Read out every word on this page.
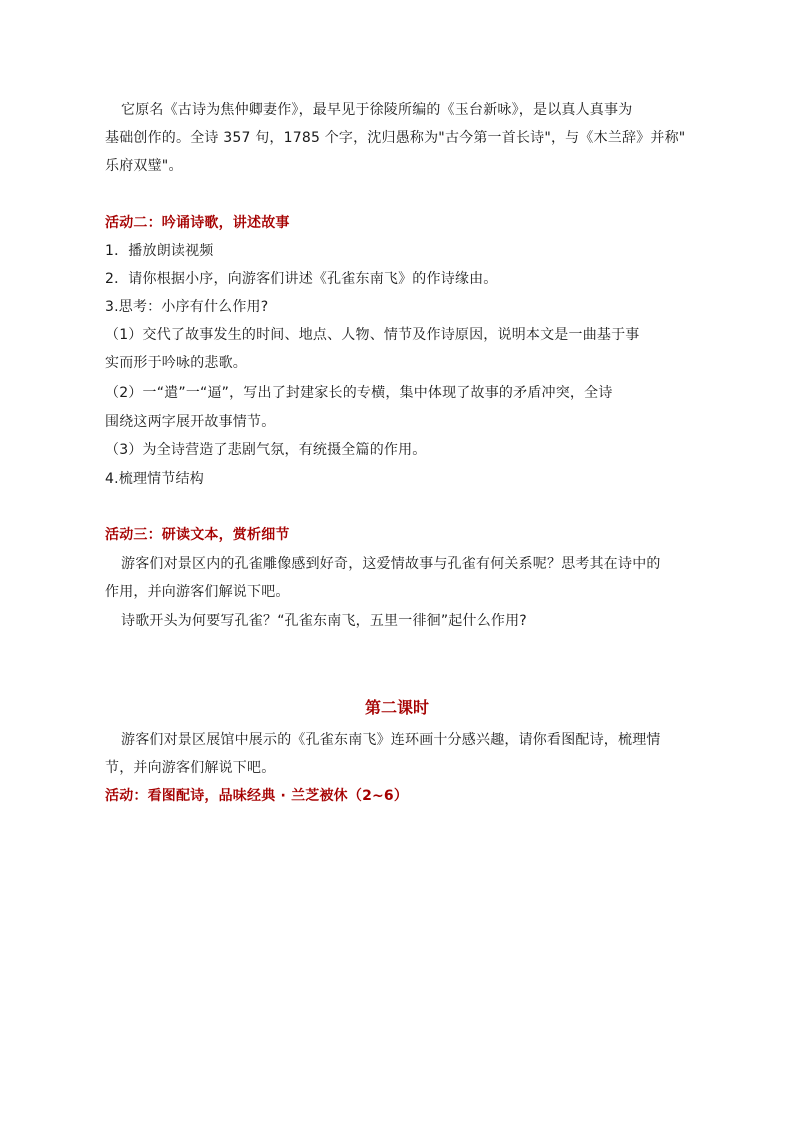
它原名《古诗为焦仲卿妻作》，最早见于徐陵所编的《玉台新咏》，是以真人真事为
基础创作的。全诗 357 句，1785 个字，沈归愚称为"古今第一首长诗"，与《木兰辞》并称"
乐府双璧"。
活动二：吟诵诗歌，讲述故事
1．播放朗读视频
2．请你根据小序，向游客们讲述《孔雀东南飞》的作诗缘由。
3.思考：小序有什么作用?
（1）交代了故事发生的时间、地点、人物、情节及作诗原因，说明本文是一曲基于事
实而形于吟咏的悲歌。
（2）一“遣”一“逼”，写出了封建家长的专横，集中体现了故事的矛盾冲突，全诗
围绕这两字展开故事情节。
（3）为全诗营造了悲剧气氛，有统摄全篇的作用。
4.梳理情节结构
活动三：研读文本，赏析细节
游客们对景区内的孔雀雕像感到好奇，这爱情故事与孔雀有何关系呢？思考其在诗中的
作用，并向游客们解说下吧。
诗歌开头为何要写孔雀？“孔雀东南飞，五里一徘徊”起什么作用?
第二课时
游客们对景区展馆中展示的《孔雀东南飞》连环画十分感兴趣，请你看图配诗，梳理情
节，并向游客们解说下吧。
活动：看图配诗，品味经典 · 兰芝被休（2~6）
